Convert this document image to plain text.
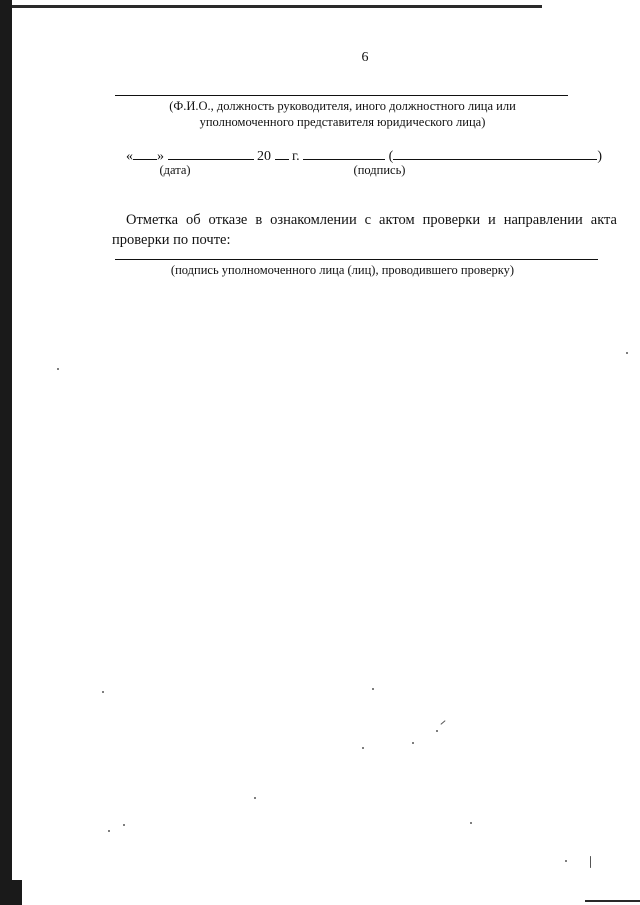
6
(Ф.И.О., должность руководителя, иного должностного лица или
уполномоченного представителя юридического лица)
« »	20 г.	(	)
(дата)	(подпись)
Отметка об отказе в ознакомлении с актом проверки и направлении акта проверки по почте:
(подпись уполномоченного лица (лиц), проводившего проверку)
